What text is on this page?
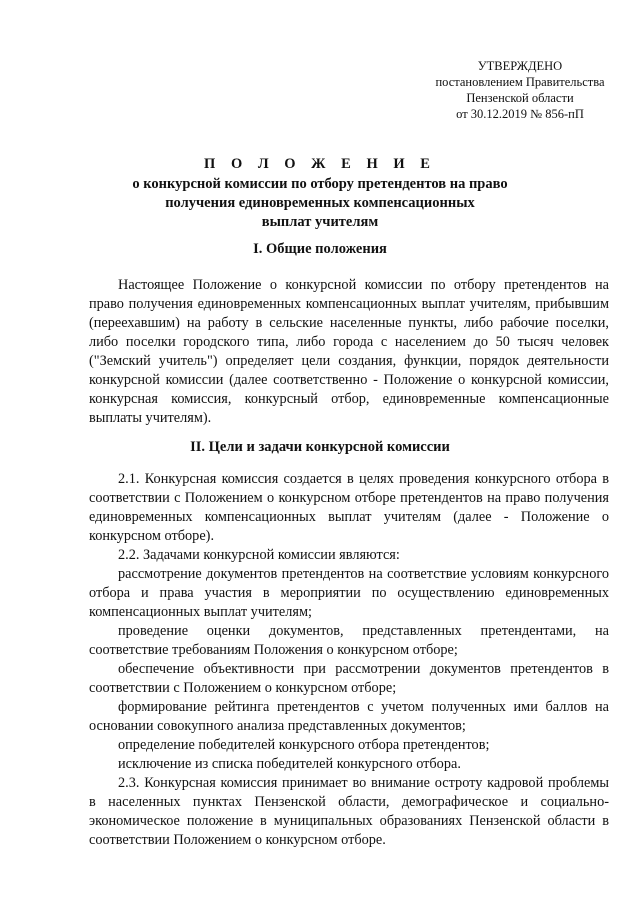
УТВЕРЖДЕНО
постановлением Правительства
Пензенской области
от 30.12.2019 № 856-пП
П О Л О Ж Е Н И Е
о конкурсной комиссии по отбору претендентов на право
получения единовременных компенсационных
выплат учителям
I. Общие положения

Настоящее Положение о конкурсной комиссии по отбору претендентов на право получения единовременных компенсационных выплат учителям, прибывшим (переехавшим) на работу в сельские населенные пункты, либо рабочие поселки, либо поселки городского типа, либо города с населением до 50 тысяч человек ("Земский учитель") определяет цели создания, функции, порядок деятельности конкурсной комиссии (далее соответственно - Положение о конкурсной комиссии, конкурсная комиссия, конкурсный отбор, единовременные компенсационные выплаты учителям).

II. Цели и задачи конкурсной комиссии

2.1. Конкурсная комиссия создается в целях проведения конкурсного отбора в соответствии с Положением о конкурсном отборе претендентов на право получения единовременных компенсационных выплат учителям (далее - Положение о конкурсном отборе).

2.2. Задачами конкурсной комиссии являются:

рассмотрение документов претендентов на соответствие условиям конкурсного отбора и права участия в мероприятии по осуществлению единовременных компенсационных выплат учителям;

проведение оценки документов, представленных претендентами, на соответствие требованиям Положения о конкурсном отборе;

обеспечение объективности при рассмотрении документов претендентов в соответствии с Положением о конкурсном отборе;

формирование рейтинга претендентов с учетом полученных ими баллов на основании совокупного анализа представленных документов;

определение победителей конкурсного отбора претендентов;

исключение из списка победителей конкурсного отбора.

2.3. Конкурсная комиссия принимает во внимание остроту кадровой проблемы в населенных пунктах Пензенской области, демографическое и социально-экономическое положение в муниципальных образованиях Пензенской области в соответствии Положением о конкурсном отборе.
